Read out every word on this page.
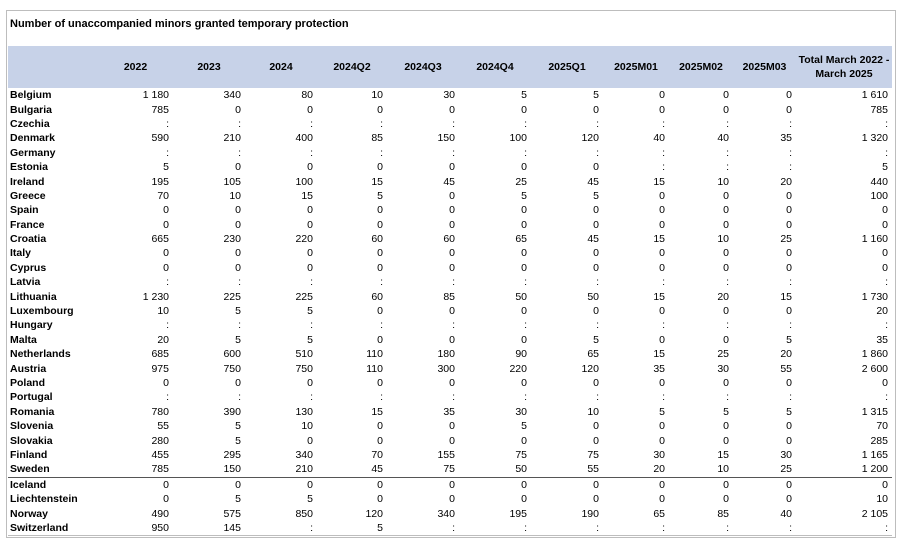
Number of unaccompanied minors granted temporary protection
	2022	2023	2024	2024Q2	2024Q3	2024Q4	2025Q1	2025M01	2025M02	2025M03	Total March 2022 - March 2025
Belgium	1 180	340	80	10	30	5	5	0	0	0	1 610
Bulgaria	785	0	0	0	0	0	0	0	0	0	785
Czechia	:	:	:	:	:	:	:	:	:	:	:
Denmark	590	210	400	85	150	100	120	40	40	35	1 320
Germany	:	:	:	:	:	:	:	:	:	:	:
Estonia	5	0	0	0	0	0	0	:	:	:	5
Ireland	195	105	100	15	45	25	45	15	10	20	440
Greece	70	10	15	5	0	5	5	0	0	0	100
Spain	0	0	0	0	0	0	0	0	0	0	0
France	0	0	0	0	0	0	0	0	0	0	0
Croatia	665	230	220	60	60	65	45	15	10	25	1 160
Italy	0	0	0	0	0	0	0	0	0	0	0
Cyprus	0	0	0	0	0	0	0	0	0	0	0
Latvia	:	:	:	:	:	:	:	:	:	:	:
Lithuania	1 230	225	225	60	85	50	50	15	20	15	1 730
Luxembourg	10	5	5	0	0	0	0	0	0	0	20
Hungary	:	:	:	:	:	:	:	:	:	:	:
Malta	20	5	5	0	0	0	5	0	0	5	35
Netherlands	685	600	510	110	180	90	65	15	25	20	1 860
Austria	975	750	750	110	300	220	120	35	30	55	2 600
Poland	0	0	0	0	0	0	0	0	0	0	0
Portugal	:	:	:	:	:	:	:	:	:	:	:
Romania	780	390	130	15	35	30	10	5	5	5	1 315
Slovenia	55	5	10	0	0	5	0	0	0	0	70
Slovakia	280	5	0	0	0	0	0	0	0	0	285
Finland	455	295	340	70	155	75	75	30	15	30	1 165
Sweden	785	150	210	45	75	50	55	20	10	25	1 200
Iceland	0	0	0	0	0	0	0	0	0	0	0
Liechtenstein	0	5	5	0	0	0	0	0	0	0	10
Norway	490	575	850	120	340	195	190	65	85	40	2 105
Switzerland	950	145	:	5	:	:	:	:	:	:	:
